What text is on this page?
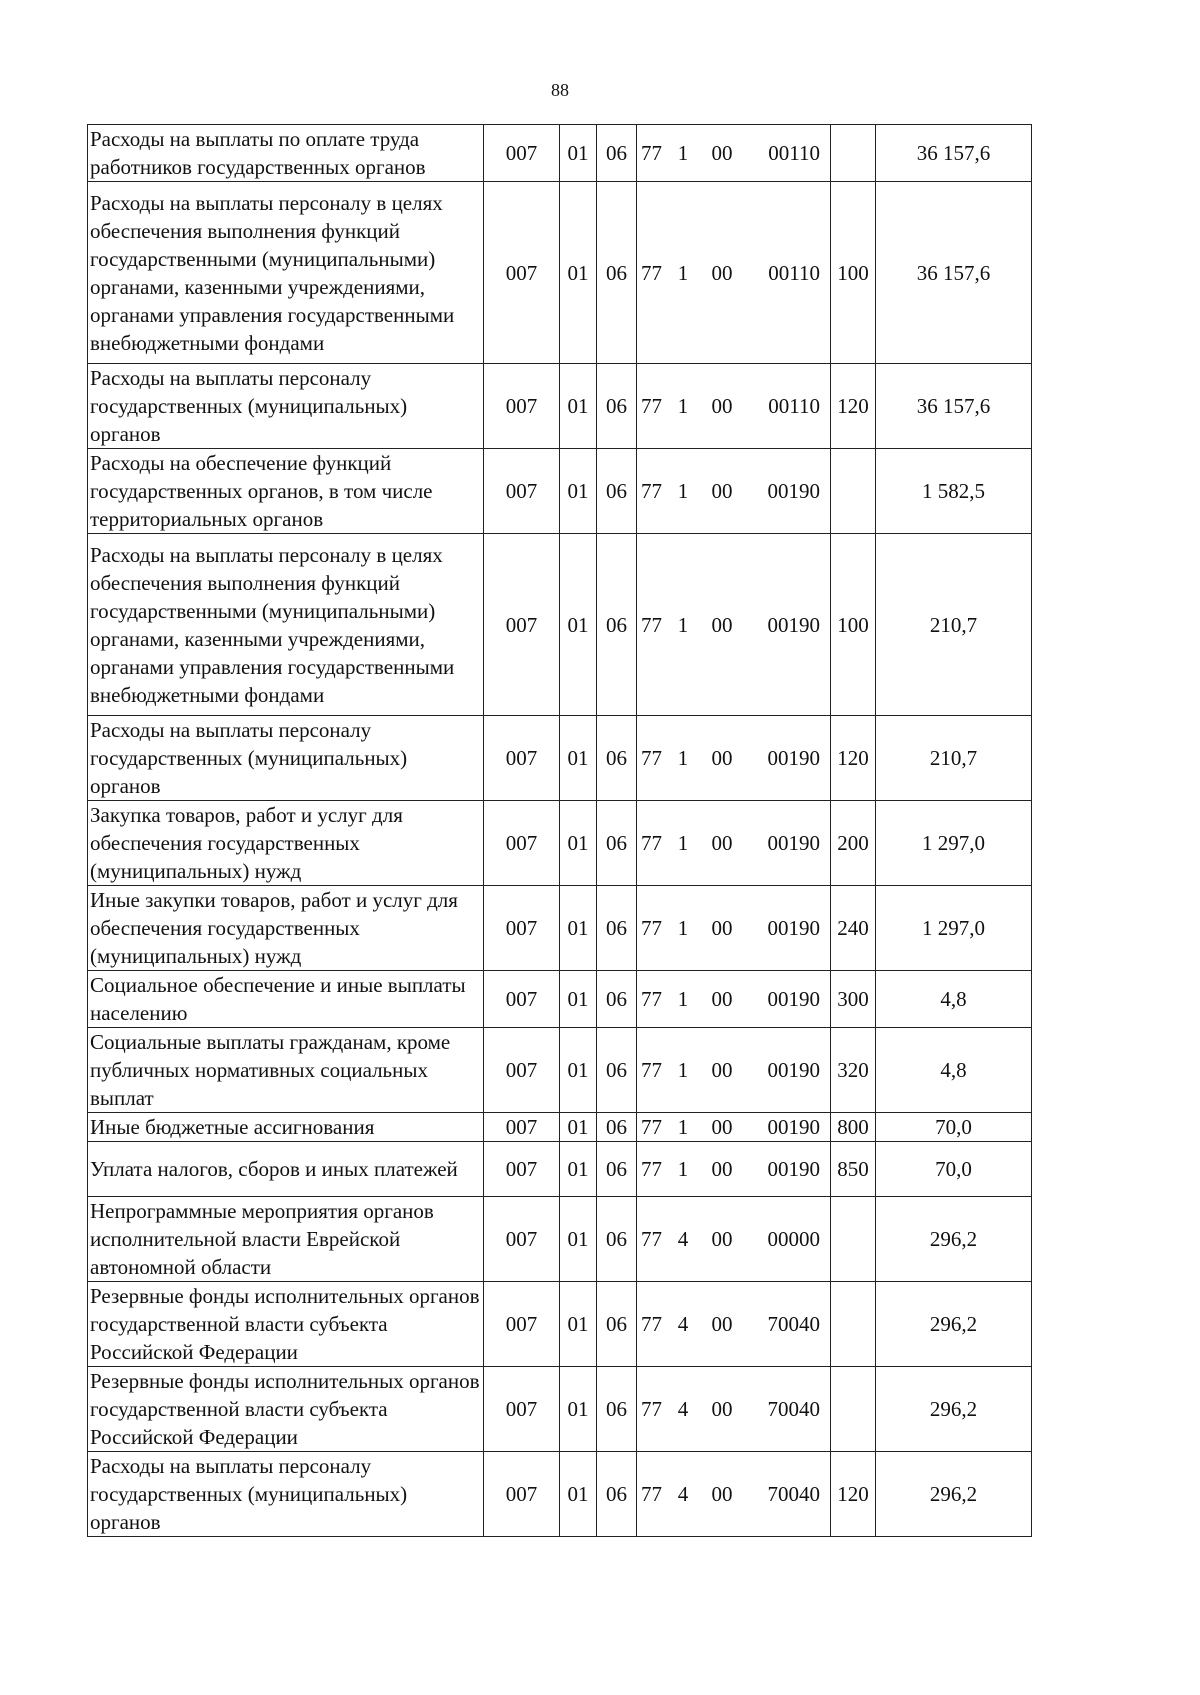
88
Расходы на выплаты по оплате труда работников государственных органов	007	01	06	77 1 00 00110		36 157,6
Расходы на выплаты персоналу в целях обеспечения выполнения функций государственными (муниципальными) органами, казенными учреждениями, органами управления государственными внебюджетными фондами	007	01	06	77 1 00 00110	100	36 157,6
Расходы на выплаты персоналу государственных (муниципальных) органов	007	01	06	77 1 00 00110	120	36 157,6
Расходы на обеспечение функций государственных органов, в том числе территориальных органов	007	01	06	77 1 00 00190		1 582,5
Расходы на выплаты персоналу в целях обеспечения выполнения функций государственными (муниципальными) органами, казенными учреждениями, органами управления государственными внебюджетными фондами	007	01	06	77 1 00 00190	100	210,7
Расходы на выплаты персоналу государственных (муниципальных) органов	007	01	06	77 1 00 00190	120	210,7
Закупка товаров, работ и услуг для обеспечения государственных (муниципальных) нужд	007	01	06	77 1 00 00190	200	1 297,0
Иные закупки товаров, работ и услуг для обеспечения государственных (муниципальных) нужд	007	01	06	77 1 00 00190	240	1 297,0
Социальное обеспечение и иные выплаты населению	007	01	06	77 1 00 00190	300	4,8
Социальные выплаты гражданам, кроме публичных нормативных социальных выплат	007	01	06	77 1 00 00190	320	4,8
Иные бюджетные ассигнования	007	01	06	77 1 00 00190	800	70,0
Уплата налогов, сборов и иных платежей	007	01	06	77 1 00 00190	850	70,0
Непрограммные мероприятия органов исполнительной власти Еврейской автономной области	007	01	06	77 4 00 00000		296,2
Резервные фонды исполнительных органов государственной власти субъекта Российской Федерации	007	01	06	77 4 00 70040		296,2
Резервные фонды исполнительных органов государственной власти субъекта Российской Федерации	007	01	06	77 4 00 70040		296,2
Расходы на выплаты персоналу государственных (муниципальных) органов	007	01	06	77 4 00 70040	120	296,2
